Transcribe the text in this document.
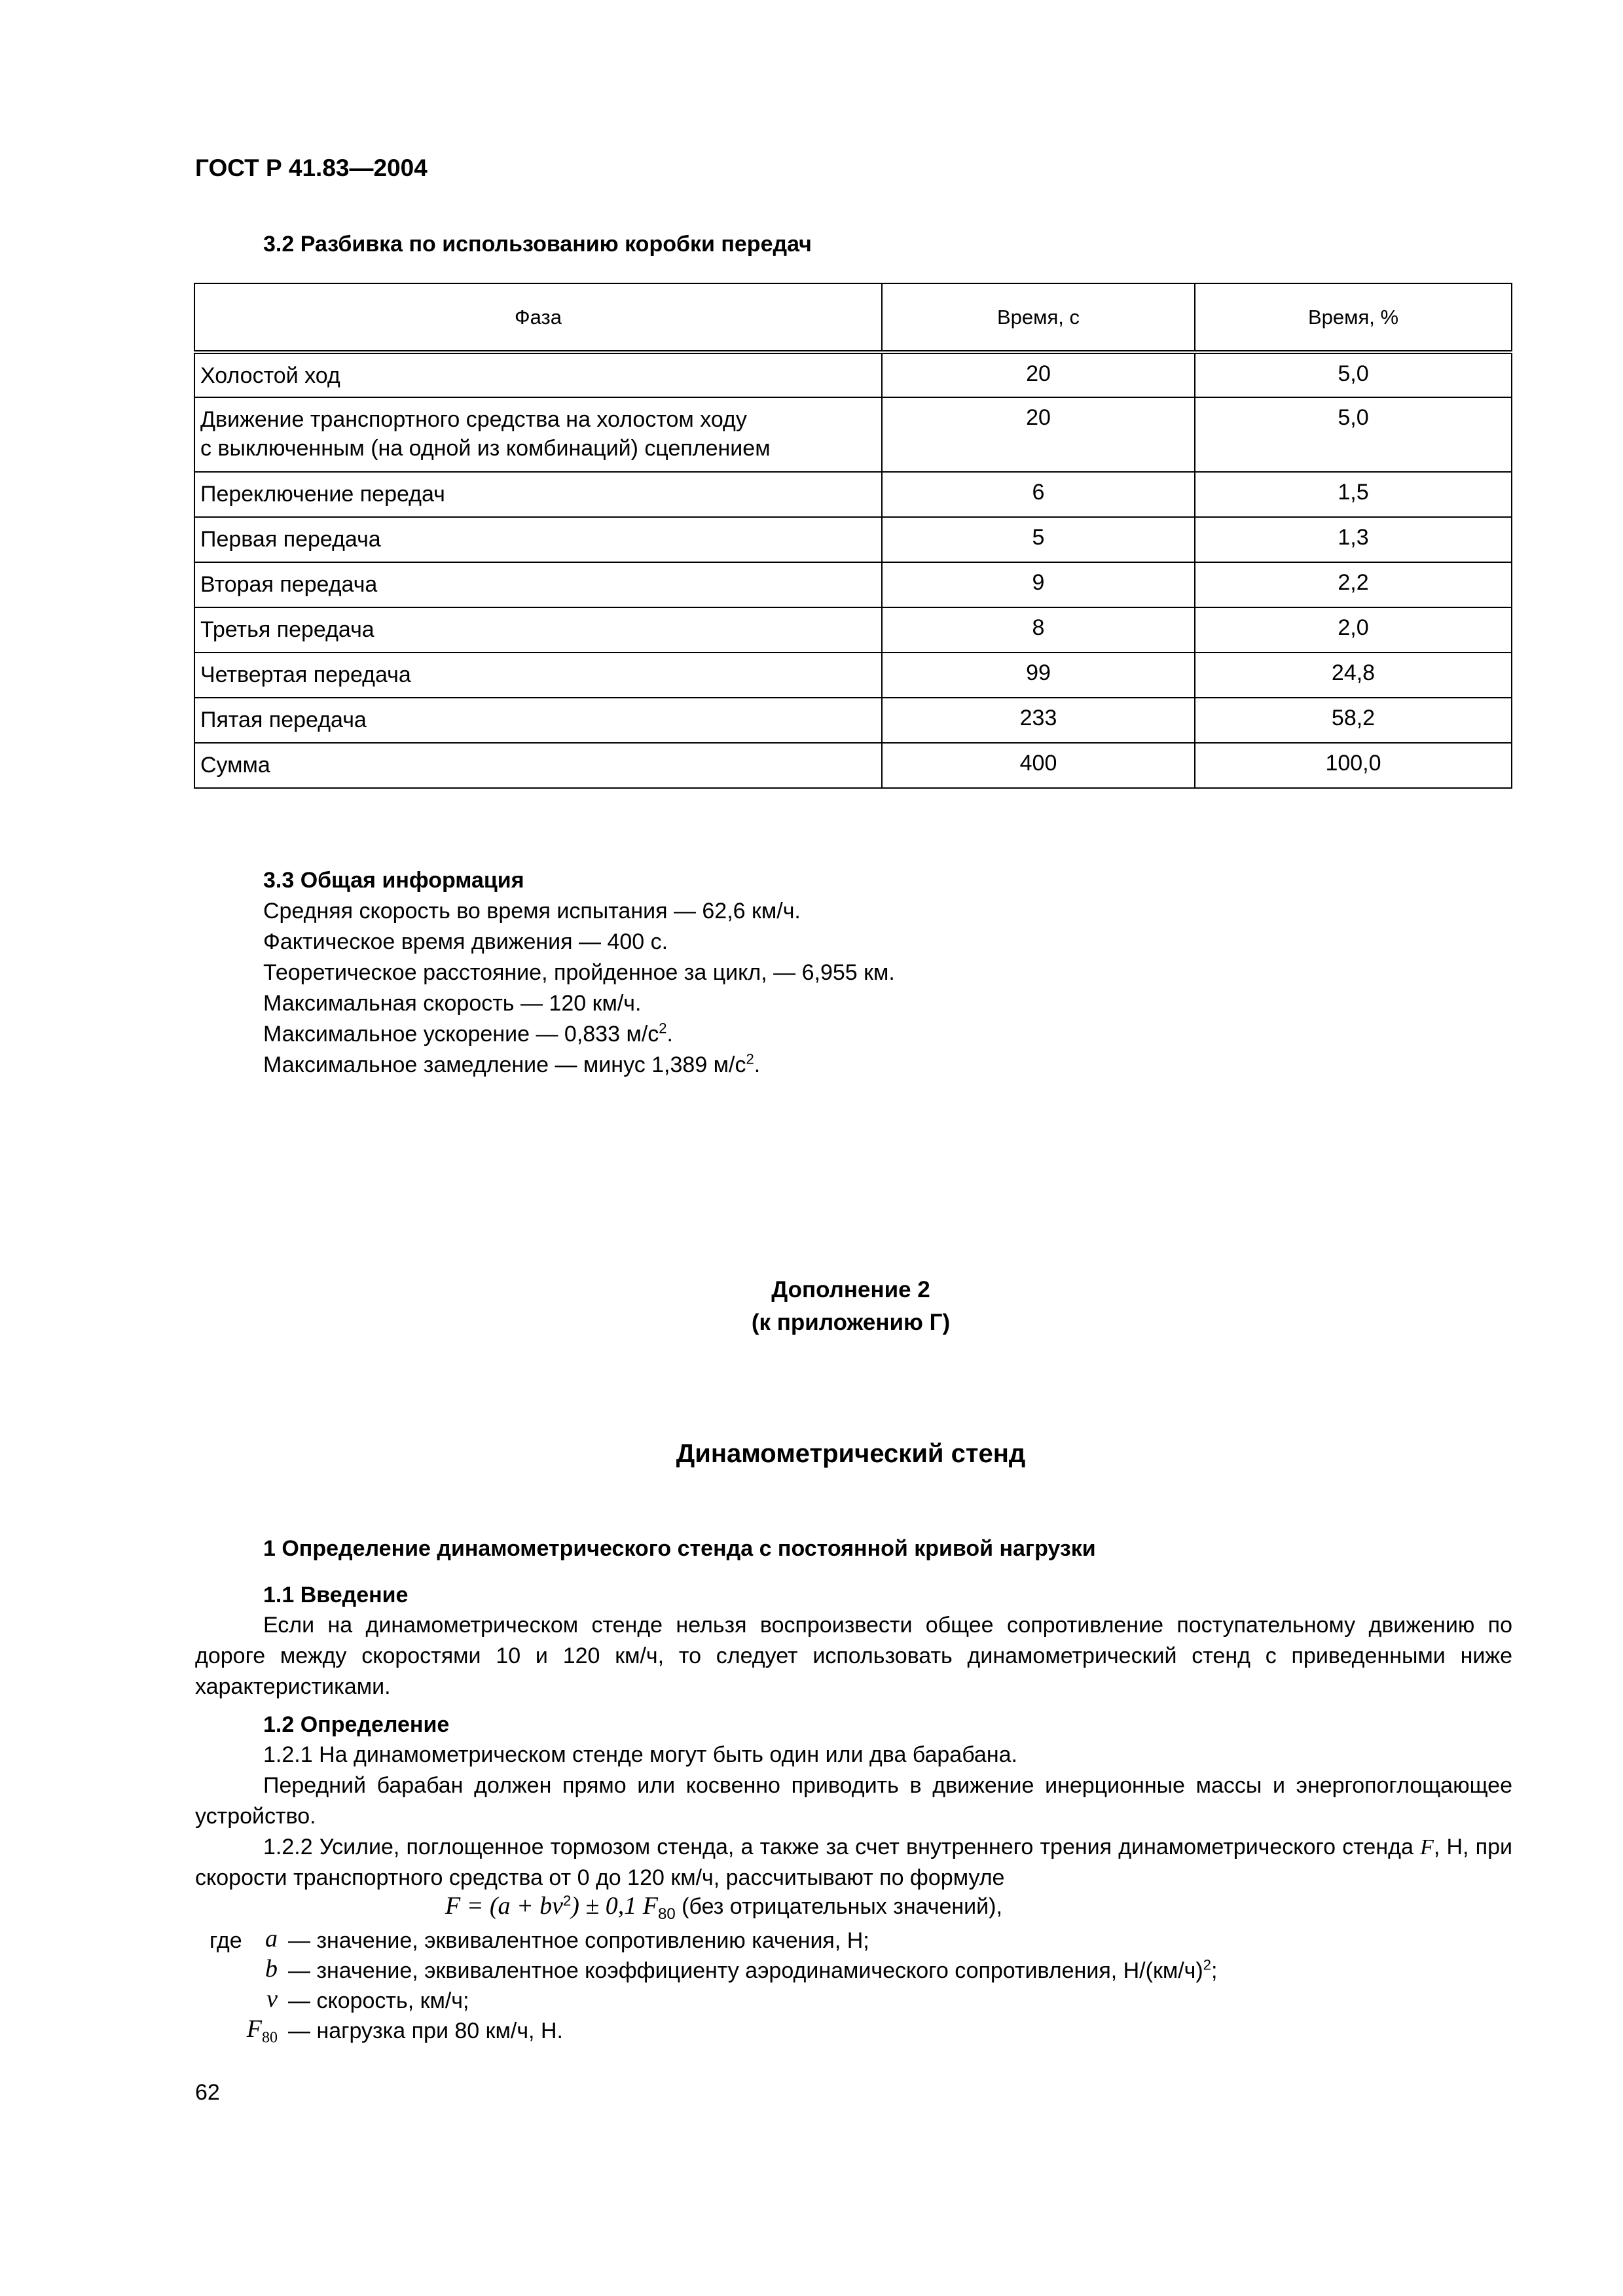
ГОСТ Р 41.83—2004
3.2 Разбивка по использованию коробки передач
Фаза	Время, с	Время, %
Холостой ход	20	5,0

Движение транспортного средства на холостом ходу
с выключенным (на одной из комбинаций) сцеплением	20	5,0
Переключение передач	6	1,5
Первая передача	5	1,3
Вторая передача	9	2,2
Третья передача	8	2,0
Четвертая передача	99	24,8
Пятая передача	233	58,2
Сумма	400	100,0
3.3 Общая информация
Средняя скорость во время испытания — 62,6 км/ч.
Фактическое время движения — 400 с.
Теоретическое расстояние, пройденное за цикл, — 6,955 км.
Максимальная скорость — 120 км/ч.
Максимальное ускорение — 0,833 $м/с^2$.
Максимальное замедление — минус 1,389 $м/с^2$.
Дополнение 2
(к приложению Г)
Динамометрический стенд
1 Определение динамометрического стенда с постоянной кривой нагрузки
1.1 Введение
Если на динамометрическом стенде нельзя воспроизвести общее сопротивление поступательному движению по дороге между скоростями 10 и 120 км/ч, то следует использовать динамометрический стенд с приведенными ниже характеристиками.
1.2 Определение
1.2.1 На динамометрическом стенде могут быть один или два барабана.
Передний барабан должен прямо или косвенно приводить в движение инерционные массы и энергопоглощающее устройство.
1.2.2 Усилие, поглощенное тормозом стенда, а также за счет внутреннего трения динамометрического стенда F, Н, при скорости транспортного средства от 0 до 120 км/ч, рассчитывают по формуле
$F = (a + bv^2) \pm 0,1$ $F_{80}$ (без отрицательных значений),
где a — значение, эквивалентное сопротивлению качения, Н;
b — значение, эквивалентное коэффициенту аэродинамического сопротивления, $Н/(км/ч)^2$;
v — скорость, км/ч;
$F_{80}$ — нагрузка при 80 км/ч, Н.
62
